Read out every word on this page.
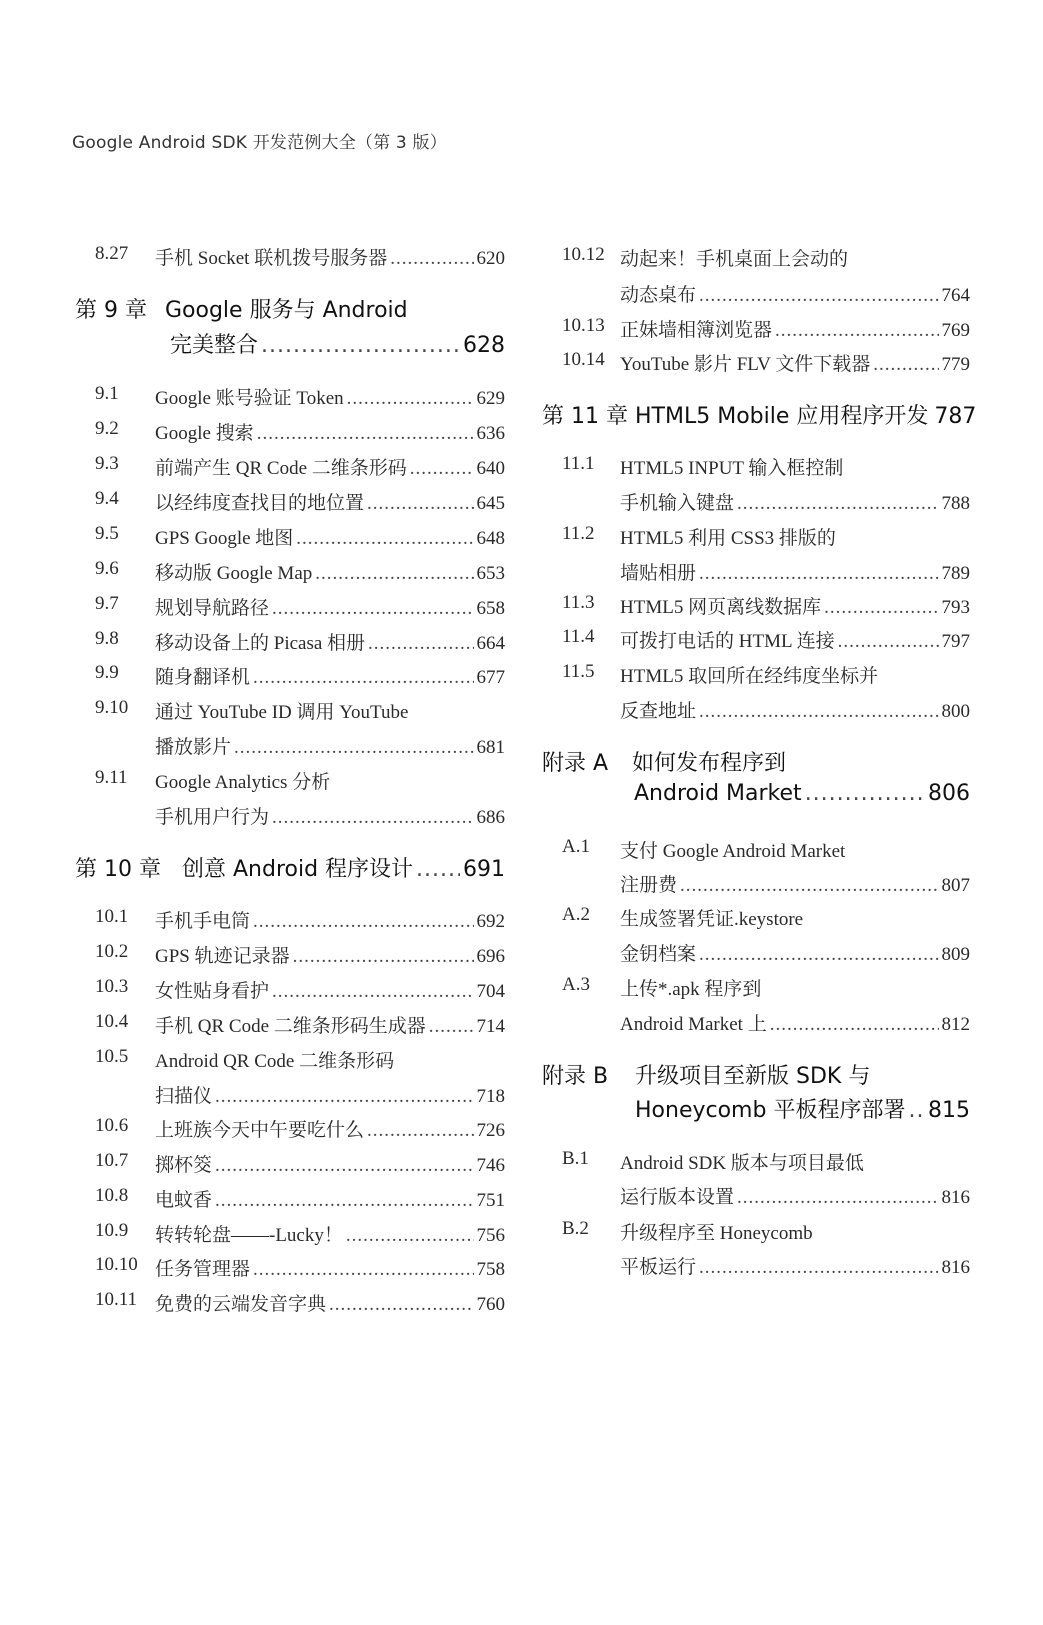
Google Android SDK 开发范例大全（第 3 版）
8.27 手机 Socket 联机拨号服务器 .....	620
第 9 章 Google 服务与 Android
完美整合 .....	628
9.1 Google 账号验证 Token .....	629
9.2 Google 搜索 .....	636
9.3 前端产生 QR Code 二维条形码 .....	640
9.4 以经纬度查找目的地位置 .....	645
9.5 GPS Google 地图 .....	648
9.6 移动版 Google Map .....	653
9.7 规划导航路径 .....	658
9.8 移动设备上的 Picasa 相册 .....	664
9.9 随身翻译机 .....	677
9.10 通过 YouTube ID 调用 YouTube
播放影片 .....	681
9.11 Google Analytics 分析
手机用户行为 .....	686
第 10 章 创意 Android 程序设计 ..... 691
10.1 手机手电筒 .....	692
10.2 GPS 轨迹记录器 .....	696
10.3 女性贴身看护 .....	704
10.4 手机 QR Code 二维条形码生成器 .....	714
10.5 Android QR Code 二维条形码
扫描仪 .....	718
10.6 上班族今天中午要吃什么 .....	726
10.7 掷杯筊 .....	746
10.8 电蚊香 .....	751
10.9 转转轮盘——-Lucky！ .....	756
10.10 任务管理器 .....	758
10.11 免费的云端发音字典 .....	760
10.12 动起来！手机桌面上会动的
动态桌布 .....	764
10.13 正妹墙相簿浏览器 .....	769
10.14 YouTube 影片 FLV 文件下载器 .....	779
第 11 章 HTML5 Mobile 应用程序开发 787
11.1 HTML5 INPUT 输入框控制
手机输入键盘 .....	788
11.2 HTML5 利用 CSS3 排版的
墙贴相册 .....	789
11.3 HTML5 网页离线数据库 .....	793
11.4 可拨打电话的 HTML 连接 .....	797
11.5 HTML5 取回所在经纬度坐标并
反查地址 .....	800
附录 A 如何发布程序到
Android Market .....	806
A.1 支付 Google Android Market
注册费 .....	807
A.2 生成签署凭证.keystore
金钥档案 .....	809
A.3 上传*.apk 程序到
Android Market 上 .....	812
附录 B 升级项目至新版 SDK 与
Honeycomb 平板程序部署 ..... 815
B.1 Android SDK 版本与项目最低
运行版本设置 .....	816
B.2 升级程序至 Honeycomb
平板运行 .....	816
